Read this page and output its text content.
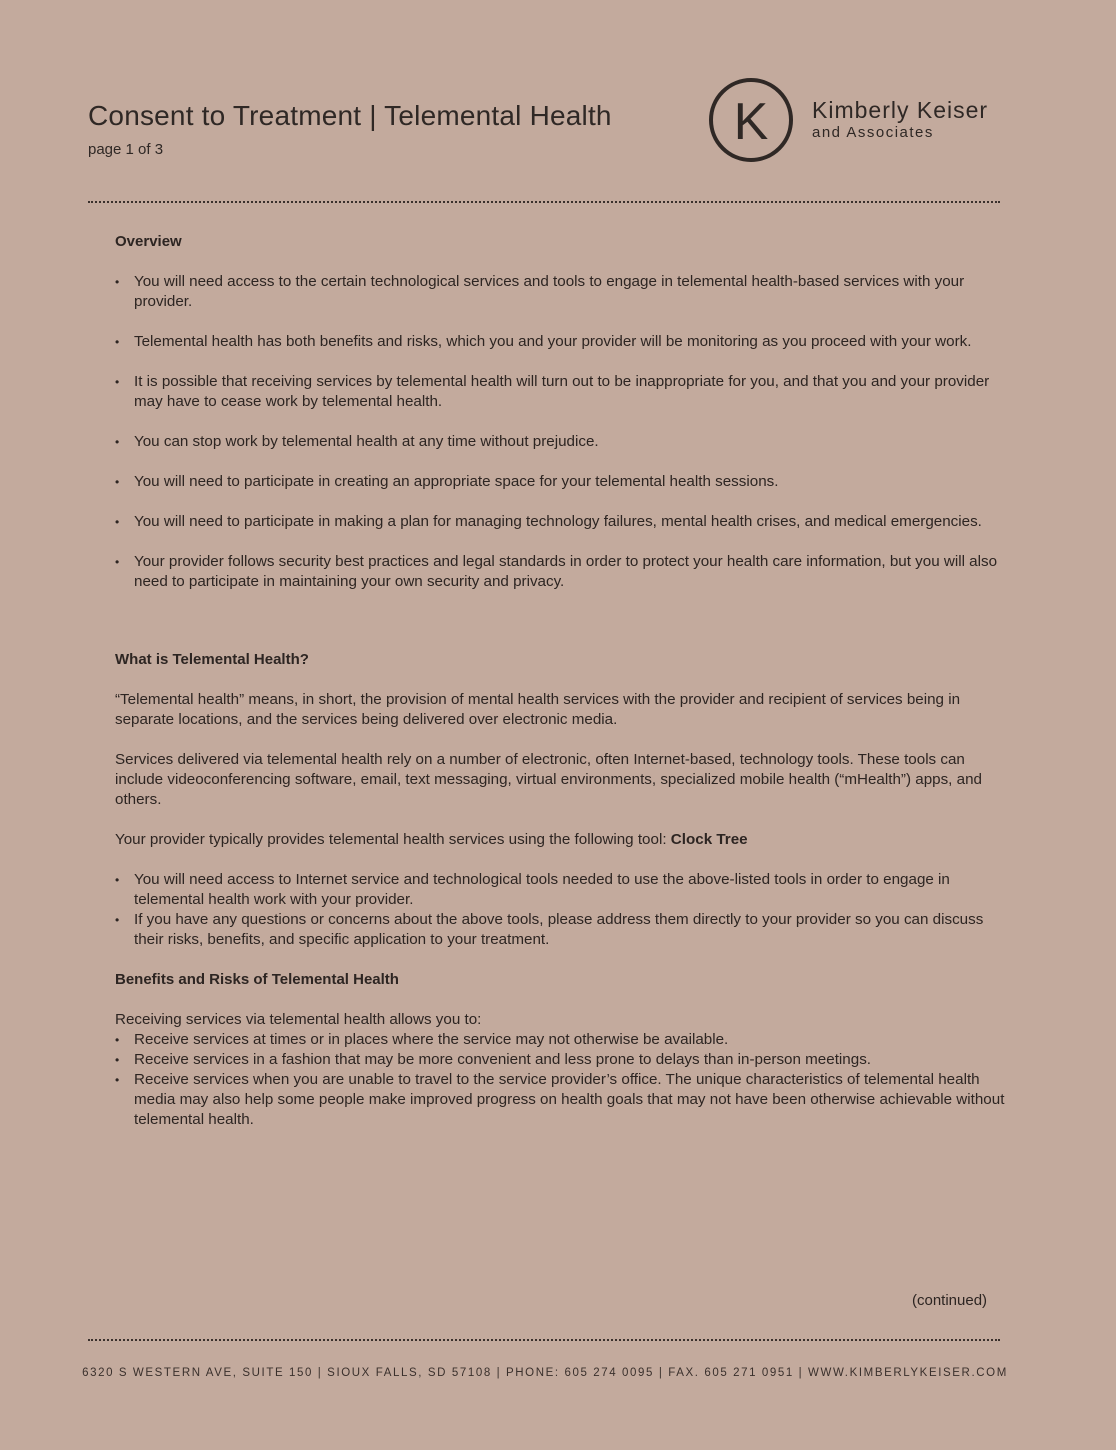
Consent to Treatment | Telemental Health
page 1 of 3	K Kimberly Keiser
and Associates
Overview
• You will need access to the certain technological services and tools to engage in telemental health-based services with your provider.
• Telemental health has both benefits and risks, which you and your provider will be monitoring as you proceed with your work.
• It is possible that receiving services by telemental health will turn out to be inappropriate for you, and that you and your provider may have to cease work by telemental health.
• You can stop work by telemental health at any time without prejudice.
• You will need to participate in creating an appropriate space for your telemental health sessions.
• You will need to participate in making a plan for managing technology failures, mental health crises, and medical emergencies.
• Your provider follows security best practices and legal standards in order to protect your health care information, but you will also need to participate in maintaining your own security and privacy.
What is Telemental Health?

“Telemental health” means, in short, the provision of mental health services with the provider and recipient of services being in separate locations, and the services being delivered over electronic media.

Services delivered via telemental health rely on a number of electronic, often Internet-based, technology tools. These tools can include videoconferencing software, email, text messaging, virtual environments, specialized mobile health (“mHealth”) apps, and others.

Your provider typically provides telemental health services using the following tool: Clock Tree

• You will need access to Internet service and technological tools needed to use the above-listed tools in order to engage in telemental health work with your provider.
• If you have any questions or concerns about the above tools, please address them directly to your provider so you can discuss their risks, benefits, and specific application to your treatment.
Benefits and Risks of Telemental Health

Receiving services via telemental health allows you to:

• Receive services at times or in places where the service may not otherwise be available.
• Receive services in a fashion that may be more convenient and less prone to delays than in-person meetings.
• Receive services when you are unable to travel to the service provider’s office. The unique characteristics of telemental health media may also help some people make improved progress on health goals that may not have been otherwise achievable without telemental health.
(continued)
6320 S WESTERN AVE, SUITE 150 | SIOUX FALLS, SD 57108 | PHONE: 605 274 0095 | FAX. 605 271 0951 | WWW.KIMBERLYKEISER.COM
